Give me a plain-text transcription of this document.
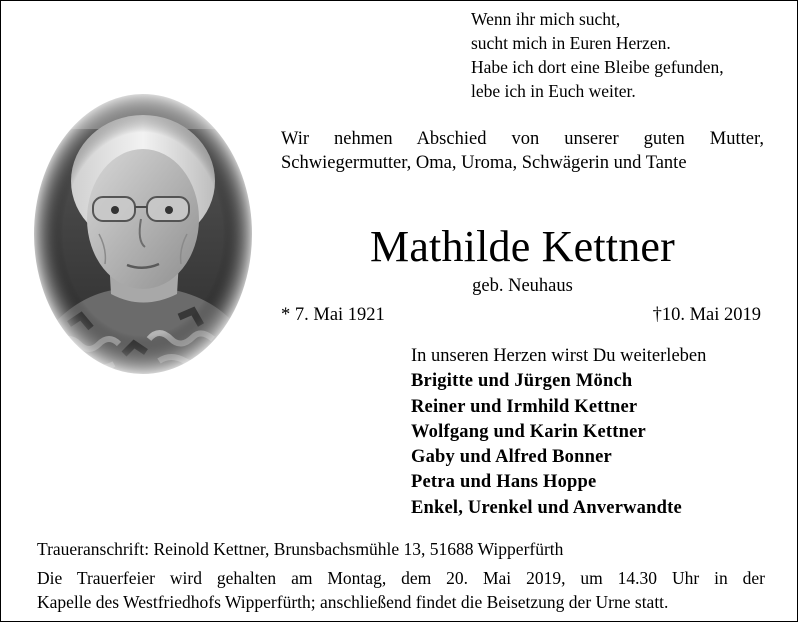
Wenn ihr mich sucht,
sucht mich in Euren Herzen.
Habe ich dort eine Bleibe gefunden,
lebe ich in Euch weiter.
Wir nehmen Abschied von unserer guten Mutter, Schwiegermutter, Oma, Uroma, Schwägerin und Tante
Mathilde Kettner
geb. Neuhaus
* 7. Mai 1921	†10. Mai 2019
In unseren Herzen wirst Du weiterleben
Brigitte und Jürgen Mönch
Reiner und Irmhild Kettner
Wolfgang und Karin Kettner
Gaby und Alfred Bonner
Petra und Hans Hoppe
Enkel, Urenkel und Anverwandte
Traueranschrift: Reinold Kettner, Brunsbachsmühle 13, 51688 Wipperfürth
Die Trauerfeier wird gehalten am Montag, dem 20. Mai 2019, um 14.30 Uhr in der
Kapelle des Westfriedhofs Wipperfürth; anschließend findet die Beisetzung der Urne statt.
